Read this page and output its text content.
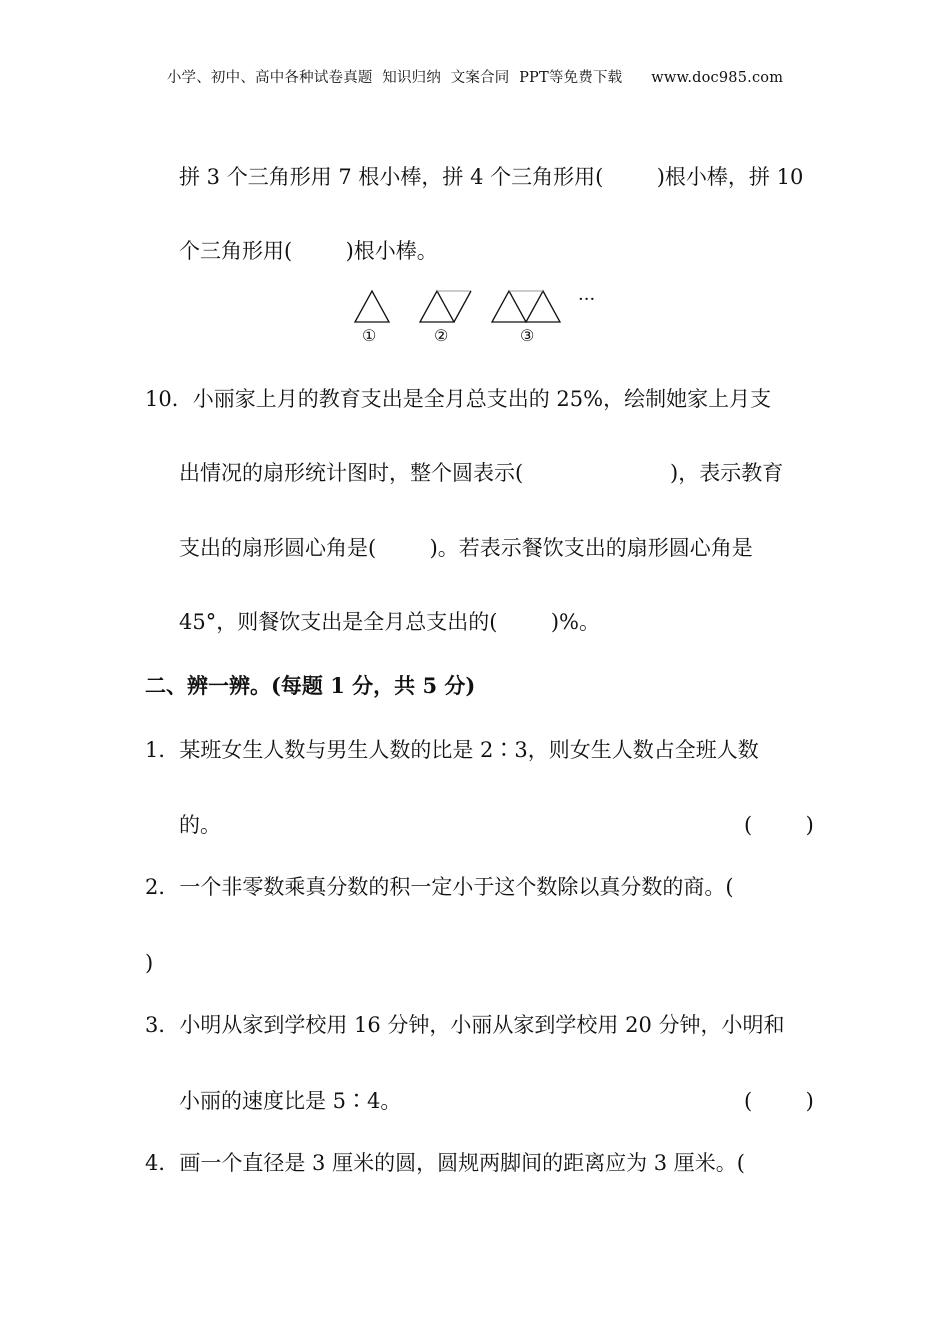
小学、初中、高中各种试卷真题  知识归纳  文案合同  PPT等免费下载      www.doc985.com
拼 3 个三角形用 7 根小棒，拼 4 个三角形用(        )根小棒，拼 10
个三角形用(        )根小棒。
···
①	②	③
10．小丽家上月的教育支出是全月总支出的 25%，绘制她家上月支
出情况的扇形统计图时，整个圆表示(                      )，表示教育
支出的扇形圆心角是(        )。若表示餐饮支出的扇形圆心角是
45°，则餐饮支出是全月总支出的(        )%。
二、辨一辨。(每题 1 分，共 5 分)
1．某班女生人数与男生人数的比是 2∶3，则女生人数占全班人数
的。	(        )
2．一个非零数乘真分数的积一定小于这个数除以真分数的商。(
)
3．小明从家到学校用 16 分钟，小丽从家到学校用 20 分钟，小明和
小丽的速度比是 5∶4。	(        )
4．画一个直径是 3 厘米的圆，圆规两脚间的距离应为 3 厘米。(
